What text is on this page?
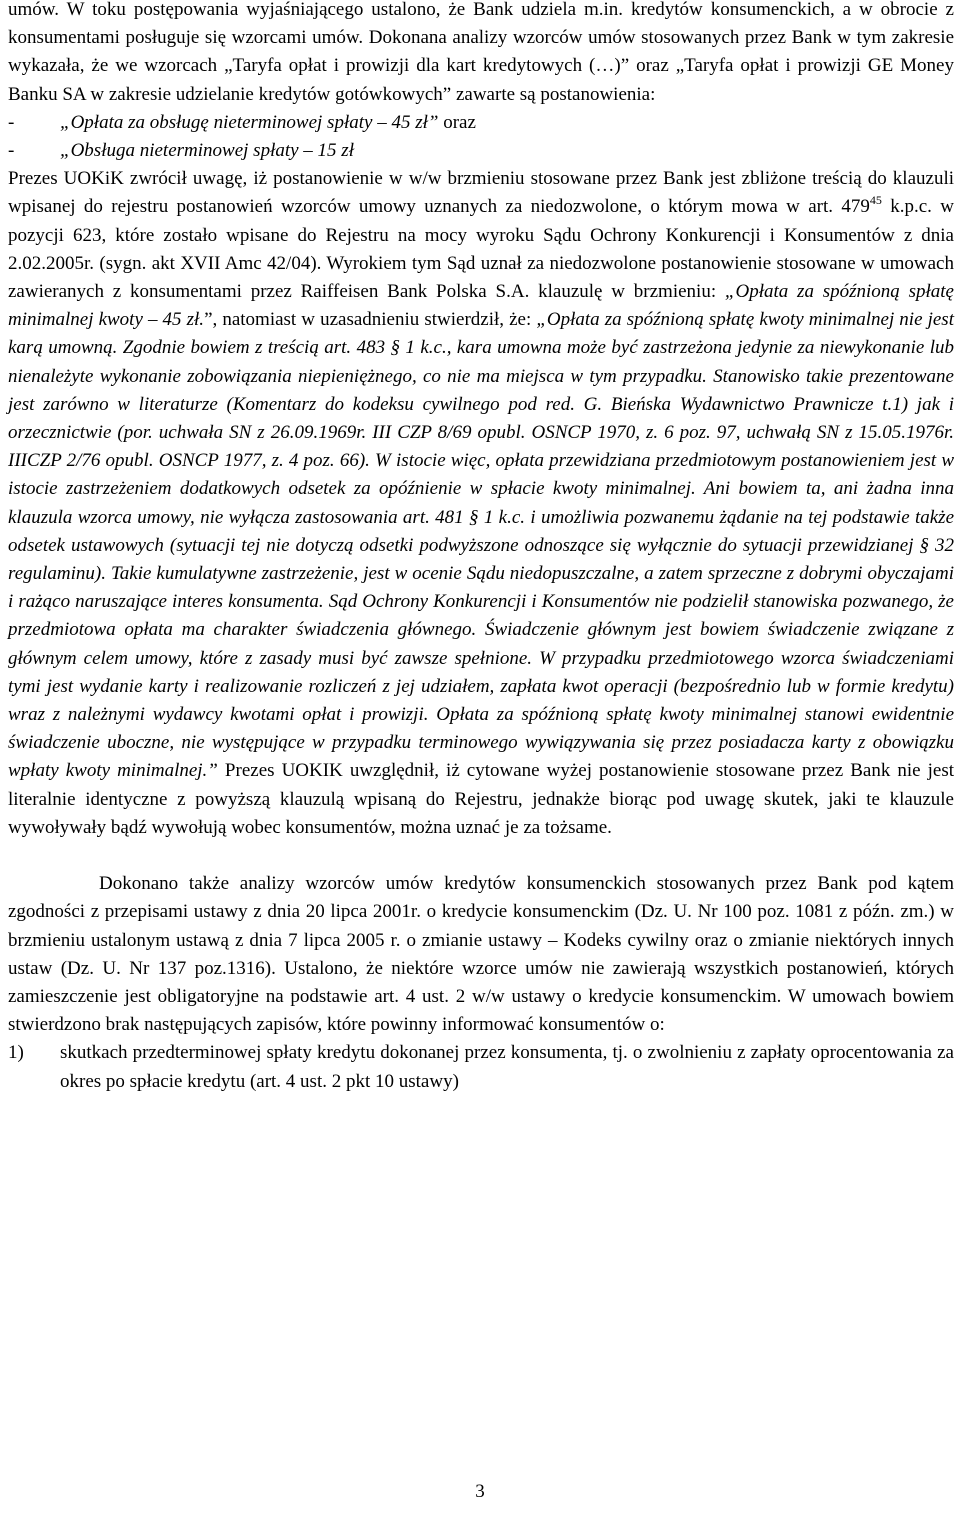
umów. W toku postępowania wyjaśniającego ustalono, że Bank udziela m.in. kredytów konsumenckich, a w obrocie z konsumentami posługuje się wzorcami umów. Dokonana analizy wzorców umów stosowanych przez Bank w tym zakresie wykazała, że we wzorcach „Taryfa opłat i prowizji dla kart kredytowych (…)” oraz „Taryfa opłat i prowizji GE Money Banku SA w zakresie udzielanie kredytów gotówkowych” zawarte są postanowienia:

- „Opłata za obsługę nieterminowej spłaty – 45 zł” oraz
- „Obsługa nieterminowej spłaty – 15 zł

Prezes UOKiK zwrócił uwagę, iż postanowienie w w/w brzmieniu stosowane przez Bank jest zbliżone treścią do klauzuli wpisanej do rejestru postanowień wzorców umowy uznanych za niedozwolone, o którym mowa w art. $479^{45}$ k.p.c. w pozycji 623, które zostało wpisane do Rejestru na mocy wyroku Sądu Ochrony Konkurencji i Konsumentów z dnia 2.02.2005r. (sygn. akt XVII Amc 42/04). Wyrokiem tym Sąd uznał za niedozwolone postanowienie stosowane w umowach zawieranych z konsumentami przez Raiffeisen Bank Polska S.A. klauzulę w brzmieniu: „Opłata za spóźnioną spłatę minimalnej kwoty – 45 zł.”, natomiast w uzasadnieniu stwierdził, że: „Opłata za spóźnioną spłatę kwoty minimalnej nie jest karą umowną. Zgodnie bowiem z treścią art. 483 § 1 k.c., kara umowna może być zastrzeżona jedynie za niewykonanie lub nienależyte wykonanie zobowiązania niepieniężnego, co nie ma miejsca w tym przypadku. Stanowisko takie prezentowane jest zarówno w literaturze (Komentarz do kodeksu cywilnego pod red. G. Bieńska Wydawnictwo Prawnicze t.1) jak i orzecznictwie (por. uchwała SN z 26.09.1969r. III CZP 8/69 opubl. OSNCP 1970, z. 6 poz. 97, uchwałą SN z 15.05.1976r. IIICZP 2/76 opubl. OSNCP 1977, z. 4 poz. 66). W istocie więc, opłata przewidziana przedmiotowym postanowieniem jest w istocie zastrzeżeniem dodatkowych odsetek za opóźnienie w spłacie kwoty minimalnej. Ani bowiem ta, ani żadna inna klauzula wzorca umowy, nie wyłącza zastosowania art. 481 § 1 k.c. i umożliwia pozwanemu żądanie na tej podstawie także odsetek ustawowych (sytuacji tej nie dotyczą odsetki podwyższone odnoszące się wyłącznie do sytuacji przewidzianej § 32 regulaminu). Takie kumulatywne zastrzeżenie, jest w ocenie Sądu niedopuszczalne, a zatem sprzeczne z dobrymi obyczajami i rażąco naruszające interes konsumenta. Sąd Ochrony Konkurencji i Konsumentów nie podzielił stanowiska pozwanego, że przedmiotowa opłata ma charakter świadczenia głównego. Świadczenie głównym jest bowiem świadczenie związane z głównym celem umowy, które z zasady musi być zawsze spełnione. W przypadku przedmiotowego wzorca świadczeniami tymi jest wydanie karty i realizowanie rozliczeń z jej udziałem, zapłata kwot operacji (bezpośrednio lub w formie kredytu) wraz z należnymi wydawcy kwotami opłat i prowizji. Opłata za spóźnioną spłatę kwoty minimalnej stanowi ewidentnie świadczenie uboczne, nie występujące w przypadku terminowego wywiązywania się przez posiadacza karty z obowiązku wpłaty kwoty minimalnej.” Prezes UOKIK uwzględnił, iż cytowane wyżej postanowienie stosowane przez Bank nie jest literalnie identyczne z powyższą klauzulą wpisaną do Rejestru, jednakże biorąc pod uwagę skutek, jaki te klauzule wywoływały bądź wywołują wobec konsumentów, można uznać je za tożsame.

Dokonano także analizy wzorców umów kredytów konsumenckich stosowanych przez Bank pod kątem zgodności z przepisami ustawy z dnia 20 lipca 2001r. o kredycie konsumenckim (Dz. U. Nr 100 poz. 1081 z późn. zm.) w brzmieniu ustalonym ustawą z dnia 7 lipca 2005 r. o zmianie ustawy – Kodeks cywilny oraz o zmianie niektórych innych ustaw (Dz. U. Nr 137 poz.1316). Ustalono, że niektóre wzorce umów nie zawierają wszystkich postanowień, których zamieszczenie jest obligatoryjne na podstawie art. 4 ust. 2 w/w ustawy o kredycie konsumenckim. W umowach bowiem stwierdzono brak następujących zapisów, które powinny informować konsumentów o:

1) skutkach przedterminowej spłaty kredytu dokonanej przez konsumenta, tj. o zwolnieniu z zapłaty oprocentowania za okres po spłacie kredytu (art. 4 ust. 2 pkt 10 ustawy)
3
